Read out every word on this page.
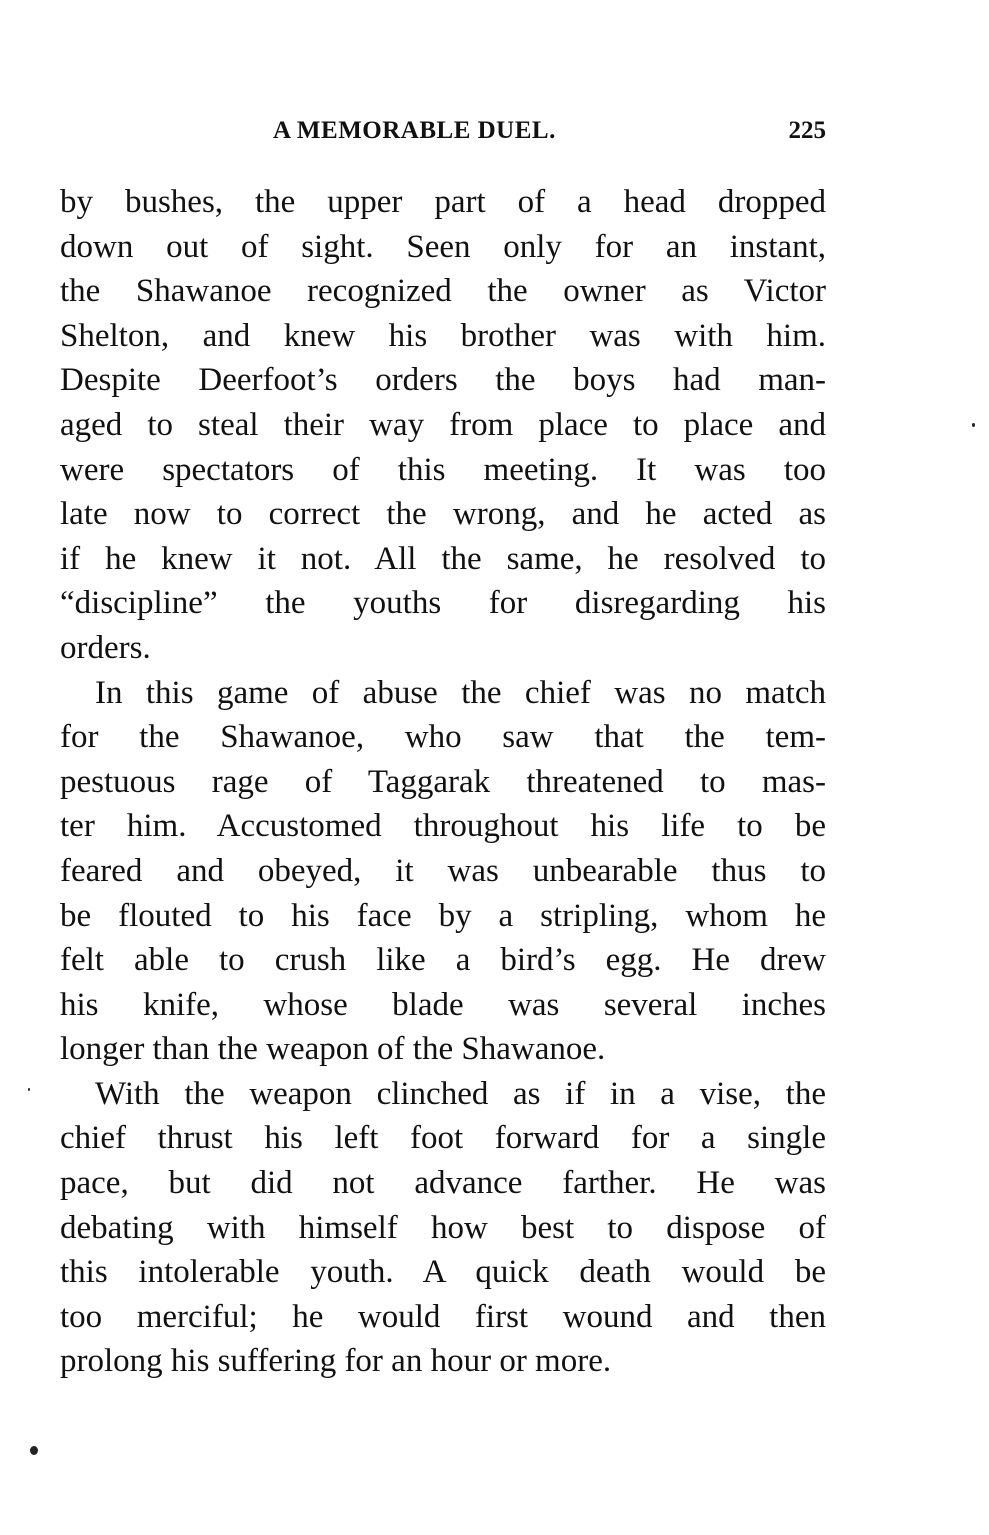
A MEMORABLE DUEL.	225
by bushes, the upper part of a head dropped
down out of sight. Seen only for an instant,
the Shawanoe recognized the owner as Victor
Shelton, and knew his brother was with him.
Despite Deerfoot’s orders the boys had man-
aged to steal their way from place to place and
were spectators of this meeting. It was too
late now to correct the wrong, and he acted as
if he knew it not. All the same, he resolved to
“discipline” the youths for disregarding his
orders.
In this game of abuse the chief was no match
for the Shawanoe, who saw that the tem-
pestuous rage of Taggarak threatened to mas-
ter him. Accustomed throughout his life to be
feared and obeyed, it was unbearable thus to
be flouted to his face by a stripling, whom he
felt able to crush like a bird’s egg. He drew
his knife, whose blade was several inches
longer than the weapon of the Shawanoe.
With the weapon clinched as if in a vise, the
chief thrust his left foot forward for a single
pace, but did not advance farther. He was
debating with himself how best to dispose of
this intolerable youth. A quick death would be
too merciful; he would first wound and then
prolong his suffering for an hour or more.
